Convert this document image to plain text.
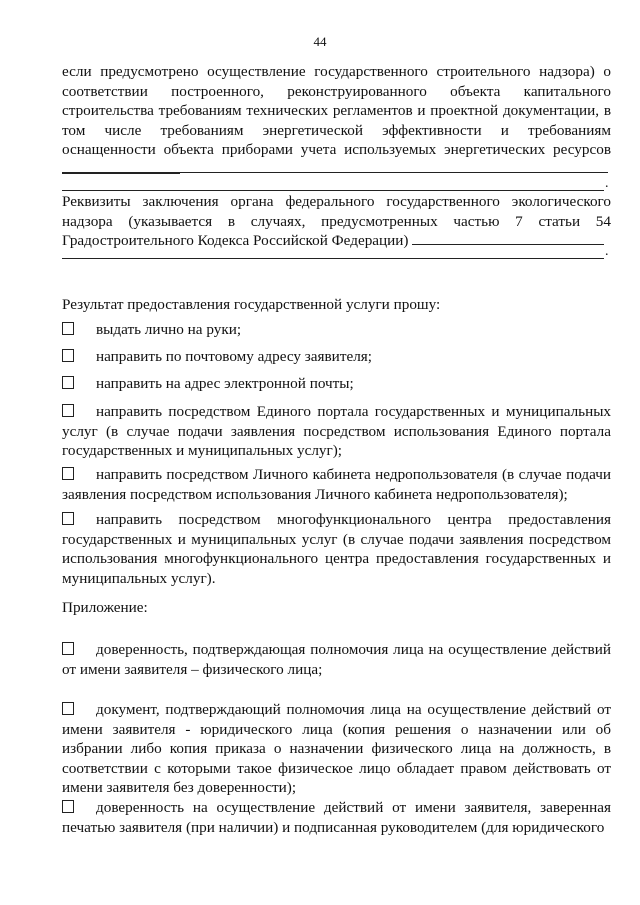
44

если предусмотрено осуществление государственного строительного надзора) о соответствии построенного, реконструированного объекта капитального строительства требованиям технических регламентов и проектной документации, в том числе требованиям энергетической эффективности и требованиям оснащенности объекта приборами учета используемых энергетических ресурсов

.

Реквизиты заключения органа федерального государственного экологического надзора (указывается в случаях, предусмотренных частью 7 статьи 54 Градостроительного Кодекса Российской Федерации)

.
Результат предоставления государственной услуги прошу:
выдать лично на руки;
направить по почтовому адресу заявителя;
направить на адрес электронной почты;
направить посредством Единого портала государственных и муниципальных услуг (в случае подачи заявления посредством использования Единого портала государственных и муниципальных услуг);
направить посредством Личного кабинета недропользователя (в случае подачи заявления посредством использования Личного кабинета недропользователя);
направить посредством многофункционального центра предоставления государственных и муниципальных услуг (в случае подачи заявления посредством использования многофункционального центра предоставления государственных и муниципальных услуг).
Приложение:
доверенность, подтверждающая полномочия лица на осуществление действий от имени заявителя – физического лица;
документ, подтверждающий полномочия лица на осуществление действий от имени заявителя - юридического лица (копия решения о назначении или об избрании либо копия приказа о назначении физического лица на должность, в соответствии с которыми такое физическое лицо обладает правом действовать от имени заявителя без доверенности);
доверенность на осуществление действий от имени заявителя, заверенная печатью заявителя (при наличии) и подписанная руководителем (для юридического
